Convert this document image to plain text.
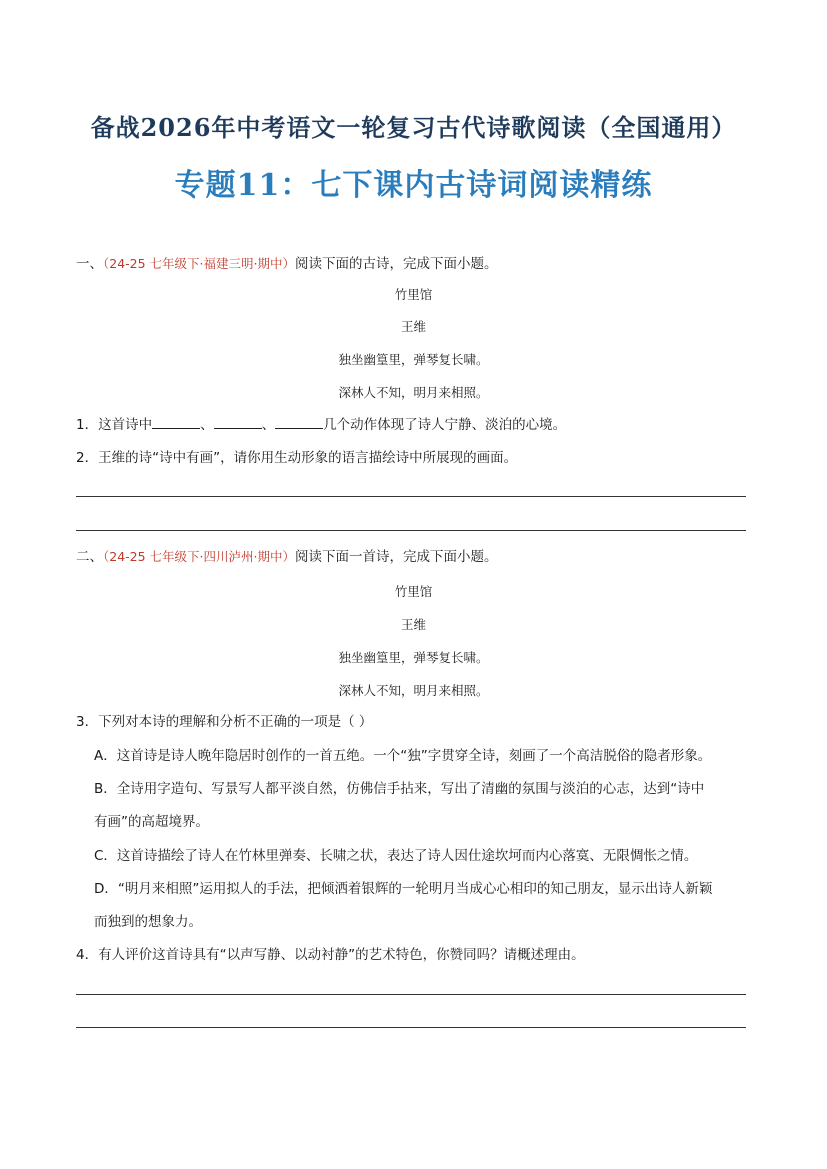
备战2026年中考语文一轮复习古代诗歌阅读（全国通用）
专题11：七下课内古诗词阅读精练
一、（24-25 七年级下·福建三明·期中）阅读下面的古诗，完成下面小题。
竹里馆
王维
独坐幽篁里，弹琴复长啸。
深林人不知，明月来相照。
1．这首诗中	、	、	几个动作体现了诗人宁静、淡泊的心境。
2．王维的诗“诗中有画”，请你用生动形象的语言描绘诗中所展现的画面。
二、（24-25 七年级下·四川泸州·期中）阅读下面一首诗，完成下面小题。
竹里馆
王维
独坐幽篁里，弹琴复长啸。
深林人不知，明月来相照。
3．下列对本诗的理解和分析不正确的一项是（ ）
A．这首诗是诗人晚年隐居时创作的一首五绝。一个“独”字贯穿全诗，刻画了一个高洁脱俗的隐者形象。
B．全诗用字造句、写景写人都平淡自然，仿佛信手拈来，写出了清幽的氛围与淡泊的心志，达到“诗中
有画”的高超境界。
C．这首诗描绘了诗人在竹林里弹奏、长啸之状，表达了诗人因仕途坎坷而内心落寞、无限惆怅之情。
D．“明月来相照”运用拟人的手法，把倾洒着银辉的一轮明月当成心心相印的知己朋友，显示出诗人新颖
而独到的想象力。
4．有人评价这首诗具有“以声写静、以动衬静”的艺术特色，你赞同吗？请概述理由。
